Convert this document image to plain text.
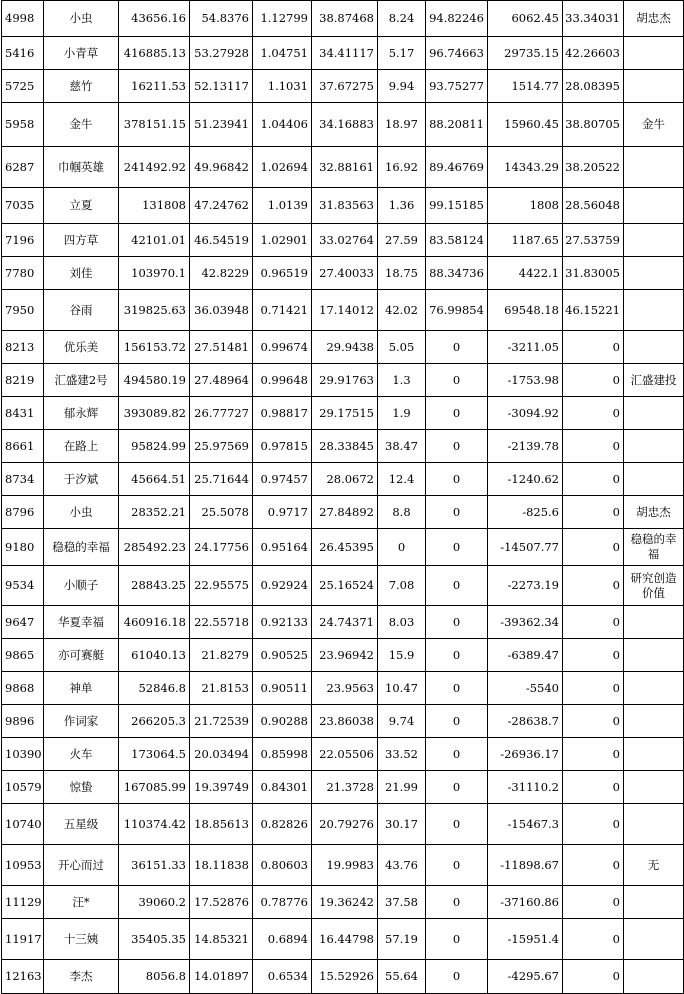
4998	小虫	43656.16	54.8376	1.12799	38.87468	8.24	94.82246	6062.45	33.34031	胡忠杰
5416	小青草	416885.13	53.27928	1.04751	34.41117	5.17	96.74663	29735.15	42.26603	
5725	慈竹	16211.53	52.13117	1.1031	37.67275	9.94	93.75277	1514.77	28.08395	
5958	金牛	378151.15	51.23941	1.04406	34.16883	18.97	88.20811	15960.45	38.80705	金牛
6287	巾帼英雄	241492.92	49.96842	1.02694	32.88161	16.92	89.46769	14343.29	38.20522	
7035	立夏	131808	47.24762	1.0139	31.83563	1.36	99.15185	1808	28.56048	
7196	四方草	42101.01	46.54519	1.02901	33.02764	27.59	83.58124	1187.65	27.53759	
7780	刘佳	103970.1	42.8229	0.96519	27.40033	18.75	88.34736	4422.1	31.83005	
7950	谷雨	319825.63	36.03948	0.71421	17.14012	42.02	76.99854	69548.18	46.15221	
8213	优乐美	156153.72	27.51481	0.99674	29.9438	5.05	0	-3211.05	0	
8219	汇盛建2号	494580.19	27.48964	0.99648	29.91763	1.3	0	-1753.98	0	汇盛建投
8431	郁永辉	393089.82	26.77727	0.98817	29.17515	1.9	0	-3094.92	0	
8661	在路上	95824.99	25.97569	0.97815	28.33845	38.47	0	-2139.78	0	
8734	于汐斌	45664.51	25.71644	0.97457	28.0672	12.4	0	-1240.62	0	
8796	小虫	28352.21	25.5078	0.9717	27.84892	8.8	0	-825.6	0	胡忠杰
9180	稳稳的幸福	285492.23	24.17756	0.95164	26.45395	0	0	-14507.77	0	稳稳的幸福
9534	小顺子	28843.25	22.95575	0.92924	25.16524	7.08	0	-2273.19	0	研究创造价值
9647	华夏幸福	460916.18	22.55718	0.92133	24.74371	8.03	0	-39362.34	0	
9865	亦可赛艇	61040.13	21.8279	0.90525	23.96942	15.9	0	-6389.47	0	
9868	神单	52846.8	21.8153	0.90511	23.9563	10.47	0	-5540	0	
9896	作词家	266205.3	21.72539	0.90288	23.86038	9.74	0	-28638.7	0	
10390	火车	173064.5	20.03494	0.85998	22.05506	33.52	0	-26936.17	0	
10579	惊蛰	167085.99	19.39749	0.84301	21.3728	21.99	0	-31110.2	0	
10740	五星级	110374.42	18.85613	0.82826	20.79276	30.17	0	-15467.3	0	
10953	开心而过	36151.33	18.11838	0.80603	19.9983	43.76	0	-11898.67	0	无
11129	汪*	39060.2	17.52876	0.78776	19.36242	37.58	0	-37160.86	0	
11917	十三姨	35405.35	14.85321	0.6894	16.44798	57.19	0	-15951.4	0	
12163	李杰	8056.8	14.01897	0.6534	15.52926	55.64	0	-4295.67	0	
